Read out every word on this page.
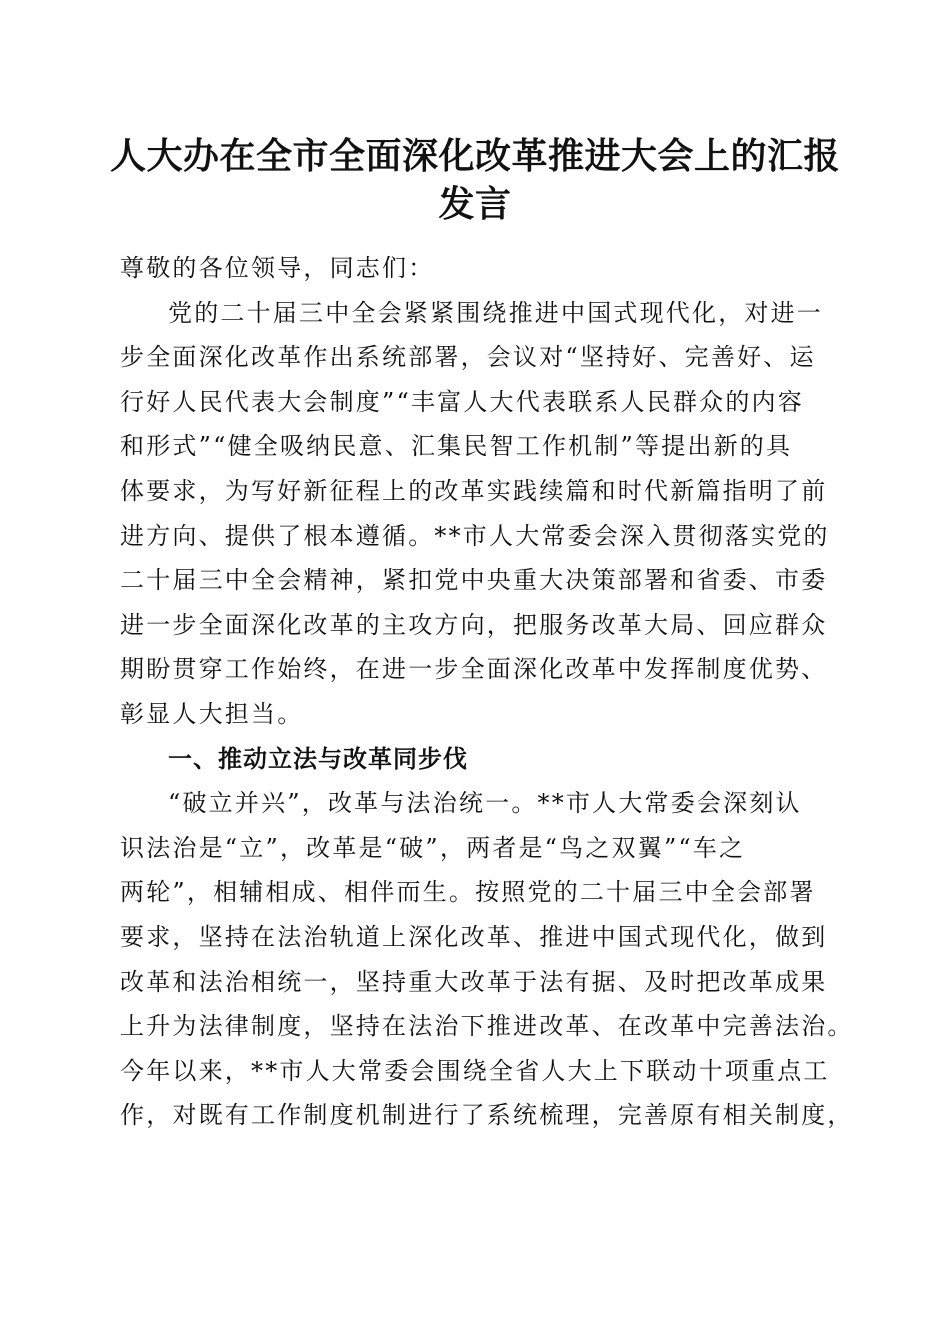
人大办在全市全面深化改革推进大会上的汇报
发言
尊敬的各位领导，同志们：
党的二十届三中全会紧紧围绕推进中国式现代化，对进一
步全面深化改革作出系统部署，会议对“坚持好、完善好、运
行好人民代表大会制度”“丰富人大代表联系人民群众的内容
和形式”“健全吸纳民意、汇集民智工作机制”等提出新的具
体要求，为写好新征程上的改革实践续篇和时代新篇指明了前
进方向、提供了根本遵循。**市人大常委会深入贯彻落实党的
二十届三中全会精神，紧扣党中央重大决策部署和省委、市委
进一步全面深化改革的主攻方向，把服务改革大局、回应群众
期盼贯穿工作始终，在进一步全面深化改革中发挥制度优势、
彰显人大担当。
一、推动立法与改革同步伐
“破立并兴”，改革与法治统一。**市人大常委会深刻认
识法治是“立”，改革是“破”，两者是“鸟之双翼”“车之
两轮”，相辅相成、相伴而生。按照党的二十届三中全会部署
要求，坚持在法治轨道上深化改革、推进中国式现代化，做到
改革和法治相统一，坚持重大改革于法有据、及时把改革成果
上升为法律制度，坚持在法治下推进改革、在改革中完善法治。
今年以来，**市人大常委会围绕全省人大上下联动十项重点工
作，对既有工作制度机制进行了系统梳理，完善原有相关制度，
